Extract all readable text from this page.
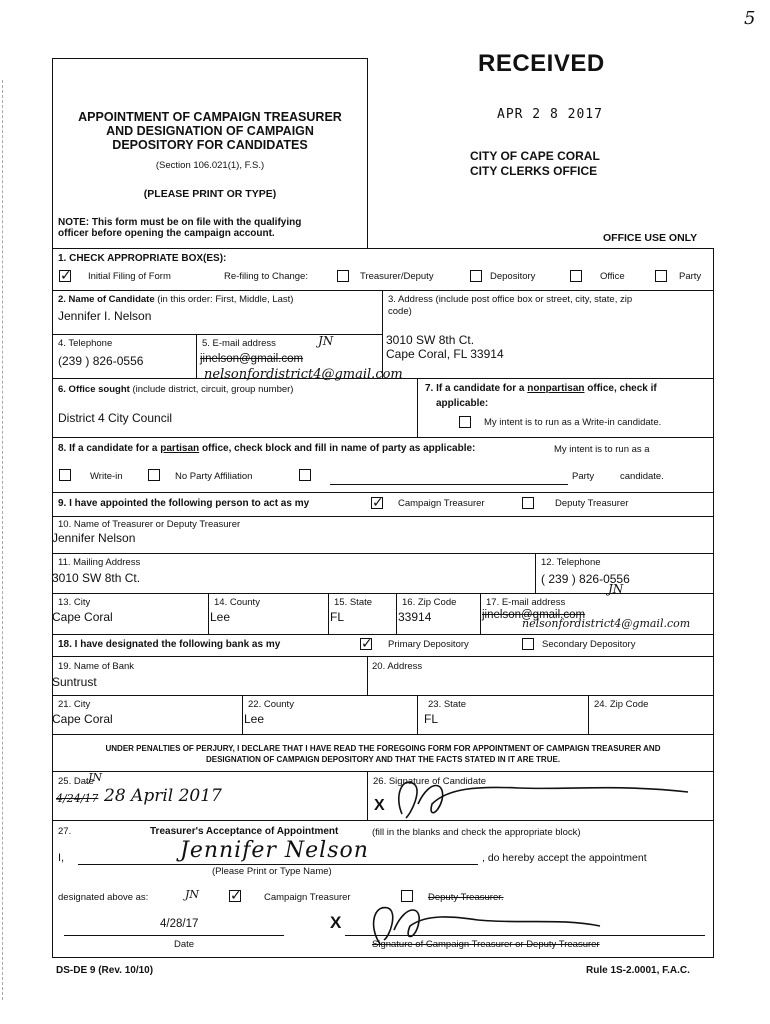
5
APPOINTMENT OF CAMPAIGN TREASURER
AND DESIGNATION OF CAMPAIGN
DEPOSITORY FOR CANDIDATES
(Section 106.021(1), F.S.)
(PLEASE PRINT OR TYPE)
NOTE: This form must be on file with the qualifying
officer before opening the campaign account.
RECEIVED
APR 2 8 2017
CITY OF CAPE CORAL
CITY CLERKS OFFICE
OFFICE USE ONLY
1. CHECK APPROPRIATE BOX(ES):
✓
Initial Filing of Form	Re-filing to Change:	Treasurer/Deputy	Depository	Office	Party
2. Name of Candidate (in this order: First, Middle, Last)
Jennifer I. Nelson
3. Address (include post office box or street, city, state, zip
code)
3010 SW 8th Ct.
Cape Coral, FL 33914
4. Telephone
(239 ) 826-0556
5. E-mail address
jinelson@gmail.com
JN
nelsonfordistrict4@gmail.com
6. Office sought (include district, circuit, group number)
District 4 City Council
7. If a candidate for a nonpartisan office, check if
applicable:
My intent is to run as a Write-in candidate.
8. If a candidate for a partisan office, check block and fill in name of party as applicable:	My intent is to run as a
Write-in	No Party Affiliation	Party	candidate.
9. I have appointed the following person to act as my ✓	Campaign Treasurer	Deputy Treasurer
10. Name of Treasurer or Deputy Treasurer
Jennifer Nelson
11. Mailing Address
3010 SW 8th Ct.
12. Telephone
( 239 ) 826-0556
13. City
Cape Coral
14. County
Lee
15. State
FL
16. Zip Code
33914
17. E-mail address
JN
jinelson@gmail.com
nelsonfordistrict4@gmail.com
18. I have designated the following bank as my ✓	Primary Depository	Secondary Depository
19. Name of Bank
Suntrust
20. Address
21. City
Cape Coral
22. County
Lee
23. State
FL
24. Zip Code
UNDER PENALTIES OF PERJURY, I DECLARE THAT I HAVE READ THE FOREGOING FORM FOR APPOINTMENT OF CAMPAIGN TREASURER AND
DESIGNATION OF CAMPAIGN DEPOSITORY AND THAT THE FACTS STATED IN IT ARE TRUE.
25. Date
JN
4/24/17 28 April 2017
26. Signature of Candidate
X
27.	Treasurer's Acceptance of Appointment	(fill in the blanks and check the appropriate block)
I,	Jennifer Nelson	, do hereby accept the appointment
(Please Print or Type Name)
designated above as:	JN ✓	Campaign Treasurer	Deputy Treasurer.
4/28/17
Date
X
Signature of Campaign Treasurer or Deputy Treasurer
DS-DE 9 (Rev. 10/10)	Rule 1S-2.0001, F.A.C.
